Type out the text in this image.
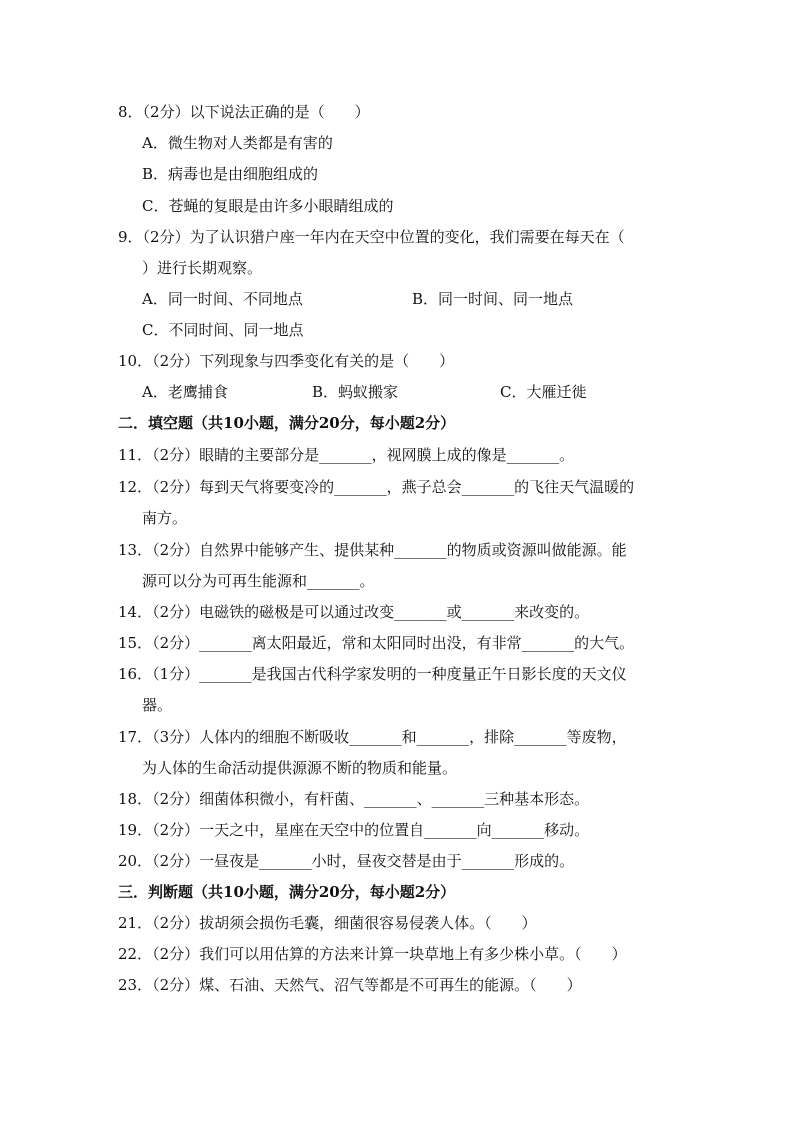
8．（2分）以下说法正确的是（　　）
A．微生物对人类都是有害的
B．病毒也是由细胞组成的
C．苍蝇的复眼是由许多小眼睛组成的
9．（2分）为了认识猎户座一年内在天空中位置的变化，我们需要在每天在（
）进行长期观察。
A．同一时间、不同地点	B．同一时间、同一地点
C．不同时间、同一地点
10．（2分）下列现象与四季变化有关的是（　　）
A．老鹰捕食	B．蚂蚁搬家	C．大雁迁徙
二．填空题（共10小题，满分20分，每小题2分）
11．（2分）眼睛的主要部分是_______，视网膜上成的像是_______。
12．（2分）每到天气将要变冷的_______，燕子总会_______的飞往天气温暖的
南方。
13．（2分）自然界中能够产生、提供某种_______的物质或资源叫做能源。能
源可以分为可再生能源和_______。
14．（2分）电磁铁的磁极是可以通过改变_______或_______来改变的。
15．（2分）_______离太阳最近，常和太阳同时出没，有非常_______的大气。
16．（1分）_______是我国古代科学家发明的一种度量正午日影长度的天文仪
器。
17．（3分）人体内的细胞不断吸收_______和_______，排除_______等废物，
为人体的生命活动提供源源不断的物质和能量。
18．（2分）细菌体积微小，有杆菌、_______、_______三种基本形态。
19．（2分）一天之中，星座在天空中的位置自_______向_______移动。
20．（2分）一昼夜是_______小时，昼夜交替是由于_______形成的。
三．判断题（共10小题，满分20分，每小题2分）
21．（2分）拔胡须会损伤毛囊，细菌很容易侵袭人体。（　　）
22．（2分）我们可以用估算的方法来计算一块草地上有多少株小草。（　　）
23．（2分）煤、石油、天然气、沼气等都是不可再生的能源。（　　）
